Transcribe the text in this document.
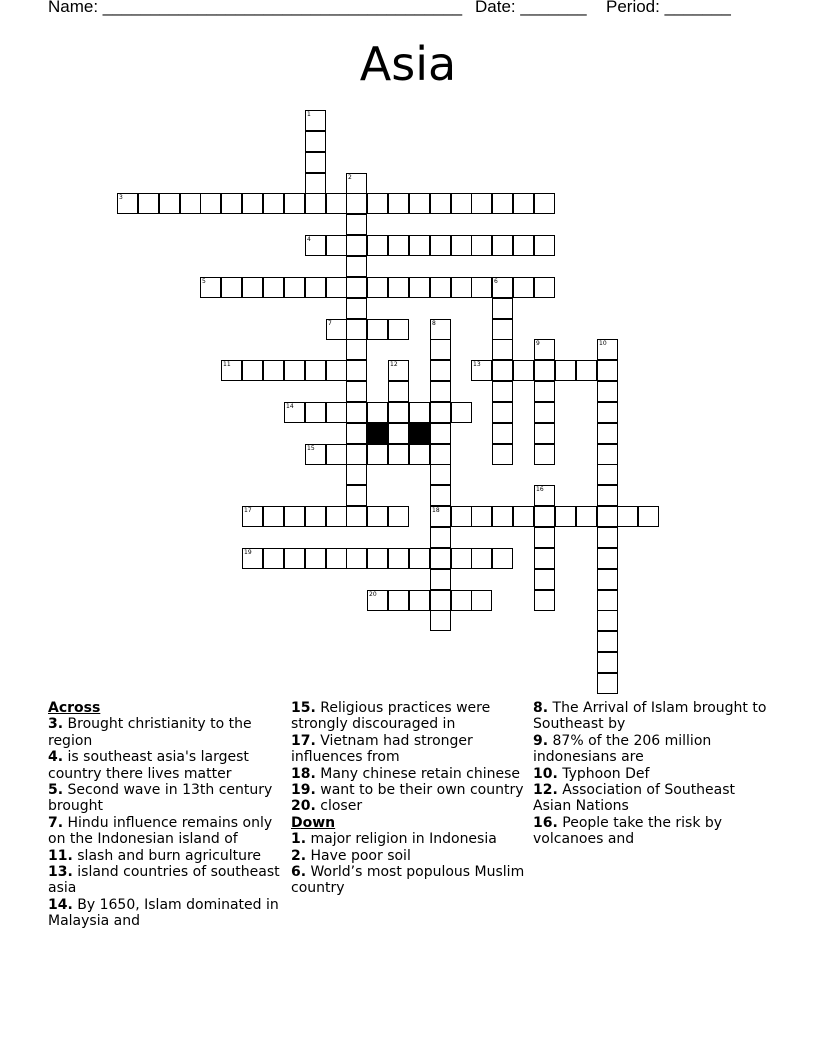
Name: ______________________________________ Date: _______ Period: _______
Asia
3
4
5
7
11	13
14
15
17	18
19
20
1
2
6
8
9	10
12
16
Across
3. Brought christianity to the region
4. is southeast asia's largest country there lives matter
5. Second wave in 13th century brought
7. Hindu influence remains only on the Indonesian island of
11. slash and burn agriculture
13. island countries of southeast asia
14. By 1650, Islam dominated in Malaysia and
15. Religious practices were strongly discouraged in
17. Vietnam had stronger influences from
18. Many chinese retain chinese
19. want to be their own country
20. closer
Down
1. major religion in Indonesia
2. Have poor soil
6. World’s most populous Muslim country
8. The Arrival of Islam brought to Southeast by
9. 87% of the 206 million indonesians are
10. Typhoon Def
12. Association of Southeast Asian Nations
16. People take the risk by volcanoes and
